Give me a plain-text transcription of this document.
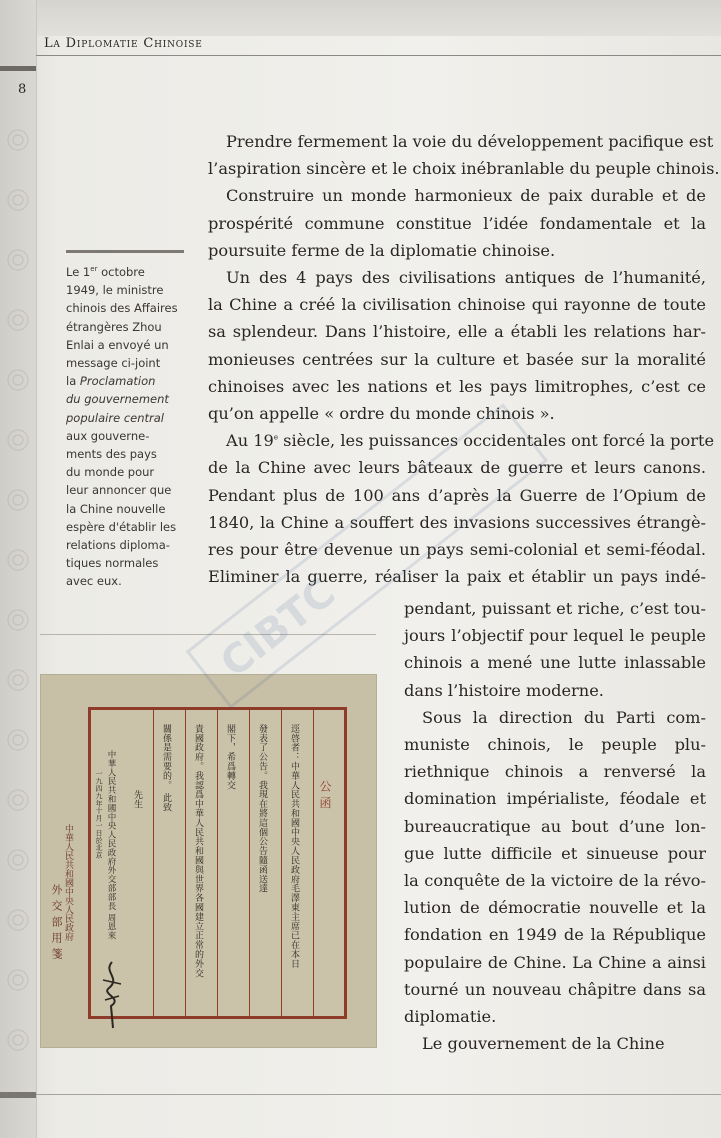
La Diplomatie Chinoise
8
Le 1er octobre
1949, le ministre
chinois des Affaires
étrangères Zhou
Enlai a envoyé un
message ci-joint
la Proclamation
du gouvernement
populaire central
aux gouverne-
ments des pays
du monde pour
leur annoncer que
la Chine nouvelle
espère d'établir les
relations diploma-
tiques normales
avec eux.
Prendre fermement la voie du développement pacifique est
l’aspiration sincère et le choix inébranlable du peuple chinois.
Construire un monde harmonieux de paix durable et de
prospérité commune constitue l’idée fondamentale et la
poursuite ferme de la diplomatie chinoise.
Un des 4 pays des civilisations antiques de l’humanité,
la Chine a créé la civilisation chinoise qui rayonne de toute
sa splendeur. Dans l’histoire, elle a établi les relations har-
monieuses centrées sur la culture et basée sur la moralité
chinoises avec les nations et les pays limitrophes, c’est ce
qu’on appelle « ordre du monde chinois ».
Au 19e siècle, les puissances occidentales ont forcé la porte
de la Chine avec leurs bâteaux de guerre et leurs canons.
Pendant plus de 100 ans d’après la Guerre de l’Opium de
1840, la Chine a souffert des invasions successives étrangè-
res pour être devenue un pays semi-colonial et semi-féodal.
Eliminer la guerre, réaliser la paix et établir un pays indé-
pendant, puissant et riche, c’est tou-
jours l’objectif pour lequel le peuple
chinois a mené une lutte inlassable
dans l’histoire moderne.
Sous la direction du Parti com-
muniste chinois, le peuple plu-
riethnique chinois a renversé la
domination impérialiste, féodale et
bureaucratique au bout d’une lon-
gue lutte difficile et sinueuse pour
la conquête de la victoire de la révo-
lution de démocratie nouvelle et la
fondation en 1949 de la République
populaire de Chine. La Chine a ainsi
tourné un nouveau châpitre dans sa
diplomatie.
Le gouvernement de la Chine
公 函
逕啓者：中華人民共和國中央人民政府毛澤東主席已在本日
發表了公告。我現在將這個公告隨函送達
閣下，希爲轉交
貴國政府。我認爲中華人民共和國與世界各國建立正常的外交
關係是需要的。 此致
先生
中華人民共和國中央人民政府外交部部長 周恩來
一九四九年十月一日於北京
中華人民共和國中央人民政府
外交部用箋
CIBTC
